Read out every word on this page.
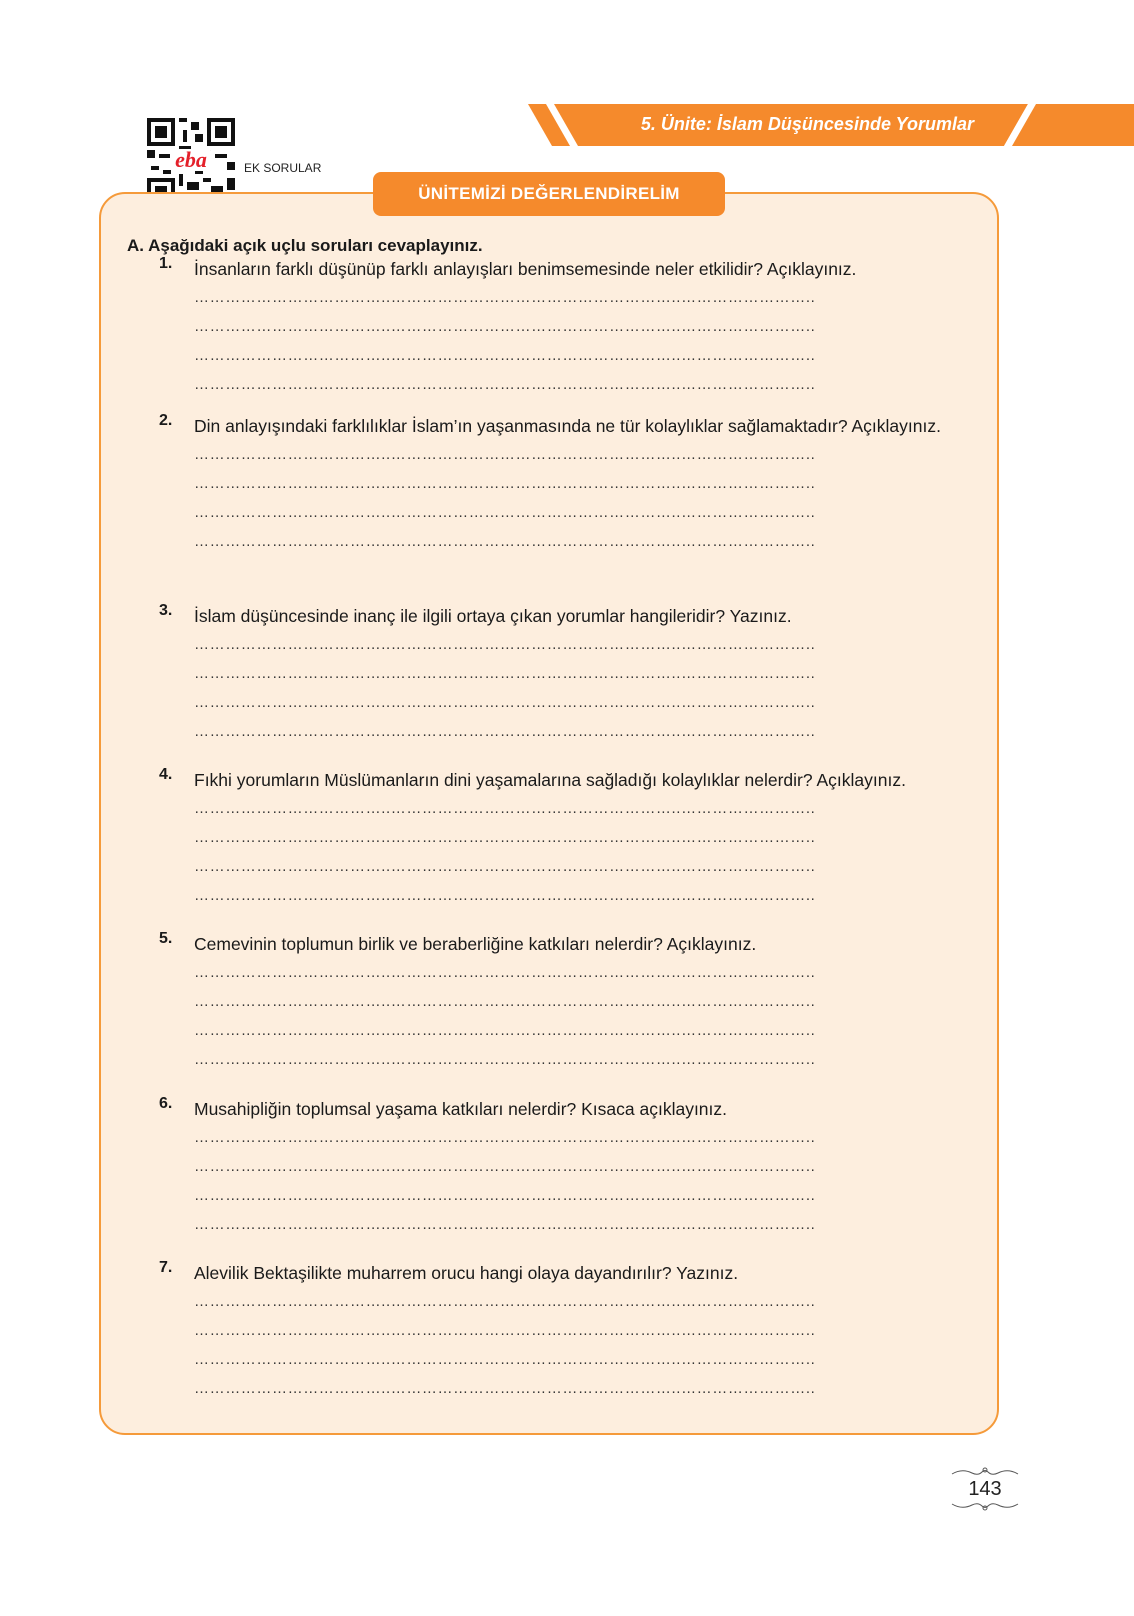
5. Ünite: İslam Düşüncesinde Yorumlar
eba	EK SORULAR
ÜNİTEMİZİ DEĞERLENDİRELİM
A. Aşağıdaki açık uçlu soruları cevaplayınız.
1. İnsanların farklı düşünüp farklı anlayışları benimsemesinde neler etkilidir? Açıklayınız.
………………………………..………………………………………………..……………………..
………………………………..………………………………………………..……………………..
………………………………..………………………………………………..……………………..
………………………………..………………………………………………..……………………..
2. Din anlayışındaki farklılıklar İslam’ın yaşanmasında ne tür kolaylıklar sağlamaktadır? Açıklayınız.
………………………………..………………………………………………..……………………..
………………………………..………………………………………………..……………………..
………………………………..………………………………………………..……………………..
………………………………..………………………………………………..……………………..
3. İslam düşüncesinde inanç ile ilgili ortaya çıkan yorumlar hangileridir? Yazınız.
………………………………..………………………………………………..……………………..
………………………………..………………………………………………..……………………..
………………………………..………………………………………………..……………………..
………………………………..………………………………………………..……………………..
4. Fıkhi yorumların Müslümanların dini yaşamalarına sağladığı kolaylıklar nelerdir? Açıklayınız.
………………………………..………………………………………………..……………………..
………………………………..………………………………………………..……………………..
………………………………..………………………………………………..……………………..
………………………………..………………………………………………..……………………..
5. Cemevinin toplumun birlik ve beraberliğine katkıları nelerdir? Açıklayınız.
………………………………..………………………………………………..……………………..
………………………………..………………………………………………..……………………..
………………………………..………………………………………………..……………………..
………………………………..………………………………………………..……………………..
6. Musahipliğin toplumsal yaşama katkıları nelerdir? Kısaca açıklayınız.
………………………………..………………………………………………..……………………..
………………………………..………………………………………………..……………………..
………………………………..………………………………………………..……………………..
………………………………..………………………………………………..……………………..
7. Alevilik Bektaşilikte muharrem orucu hangi olaya dayandırılır? Yazınız.
………………………………..………………………………………………..……………………..
………………………………..………………………………………………..……………………..
………………………………..………………………………………………..……………………..
………………………………..………………………………………………..……………………..
143
